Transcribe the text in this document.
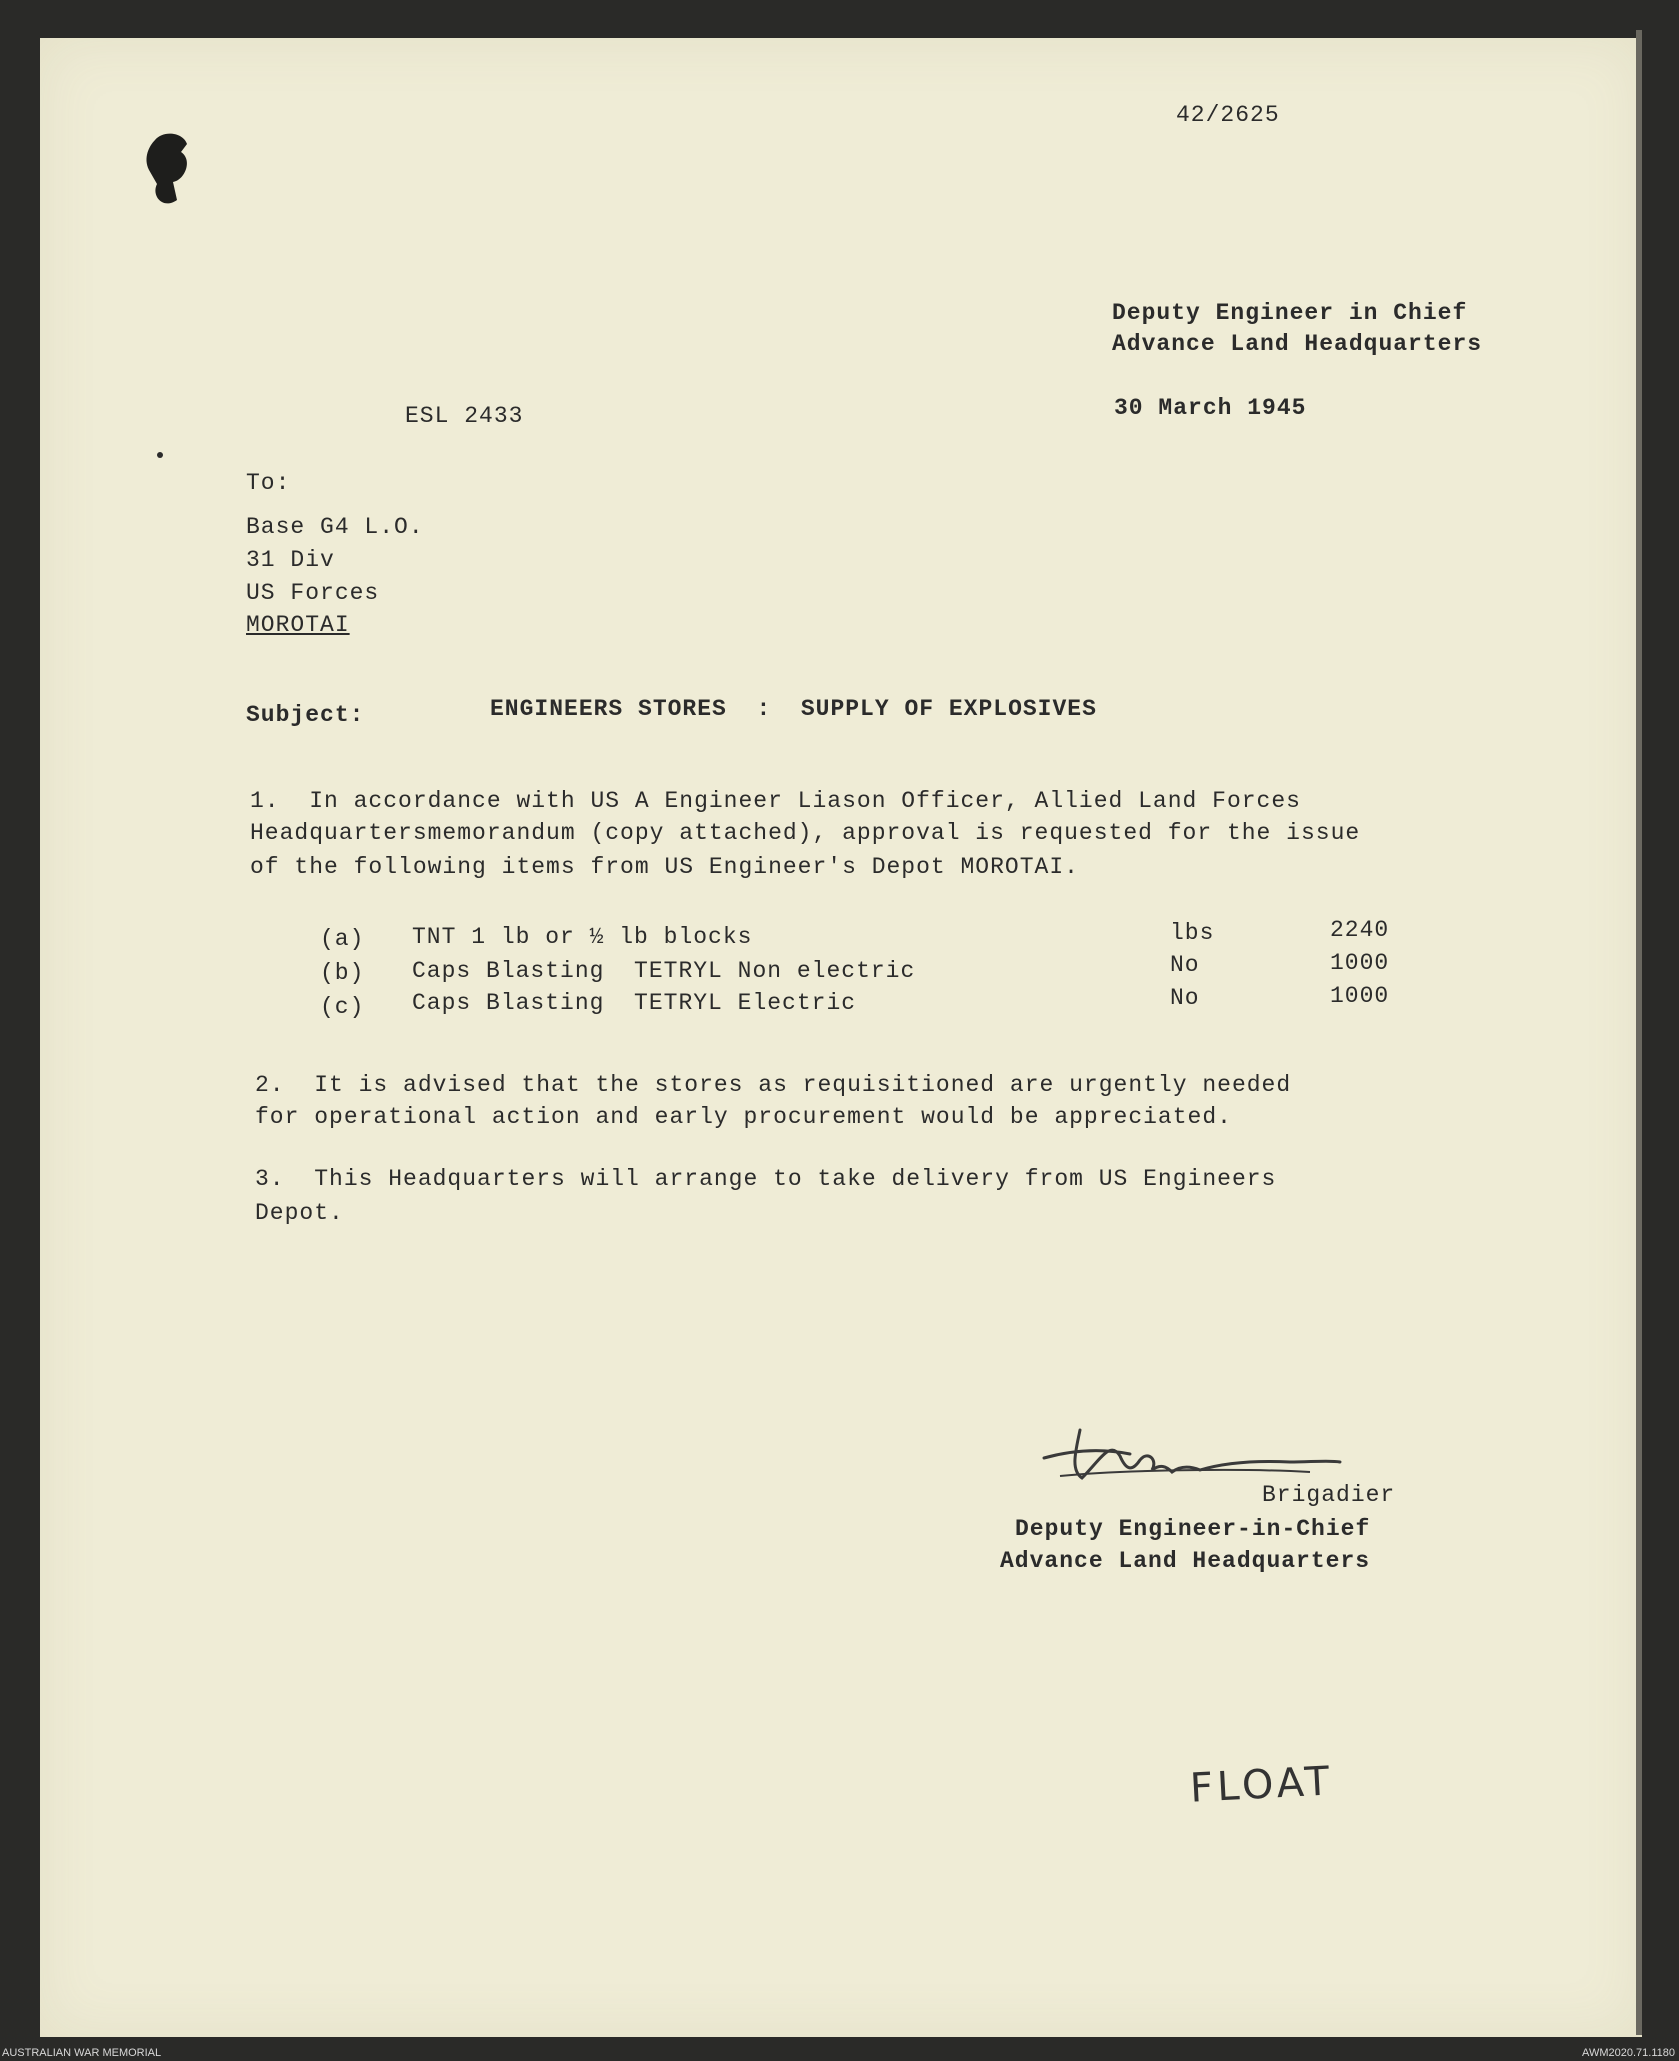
42/2625
Deputy Engineer in Chief
Advance Land Headquarters
ESL 2433	30 March 1945
To:
Base G4 L.O.
31 Div
US Forces
MOROTAI
Subject:	ENGINEERS STORES  :  SUPPLY OF EXPLOSIVES
1.  In accordance with US A Engineer Liason Officer, Allied Land Forces
Headquartersmemorandum (copy attached), approval is requested for the issue
of the following items from US Engineer's Depot MOROTAI.
(a) TNT 1 lb or ½ lb blocks	lbs	2240
(b) Caps Blasting  TETRYL Non electric	No	1000
(c) Caps Blasting  TETRYL Electric	No	1000
2.  It is advised that the stores as requisitioned are urgently needed
for operational action and early procurement would be appreciated.
3.  This Headquarters will arrange to take delivery from US Engineers
Depot.
Brigadier
Deputy Engineer-in-Chief
Advance Land Headquarters
FLOAT
AUSTRALIAN WAR MEMORIAL	AWM2020.71.1180
